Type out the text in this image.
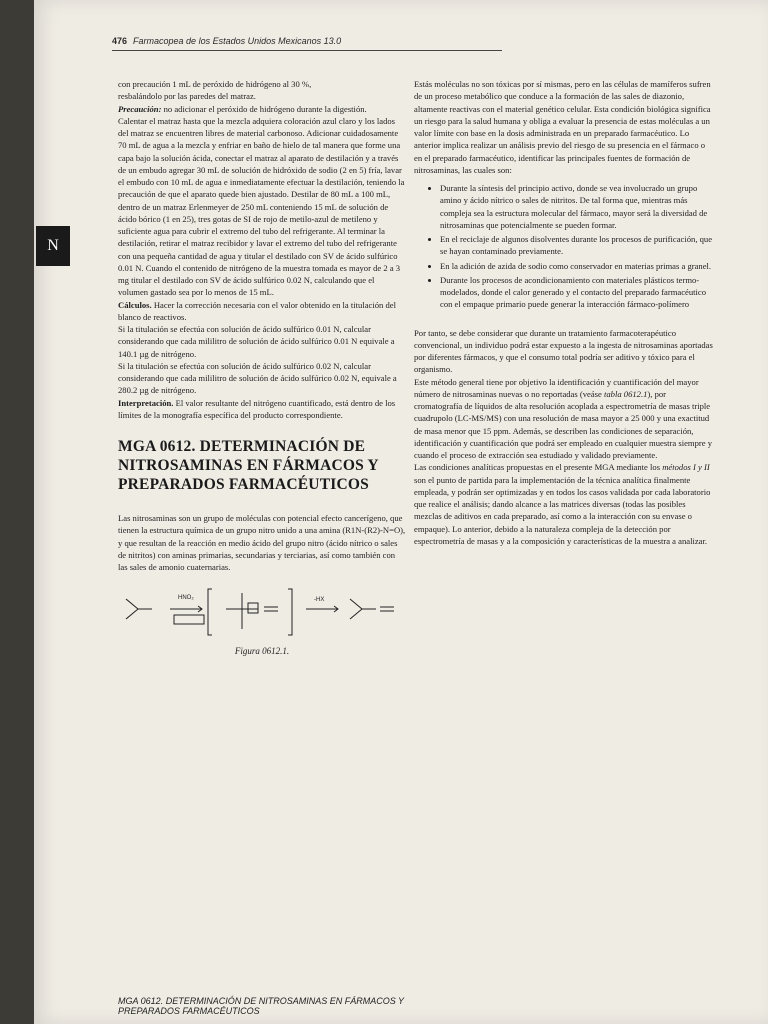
476 Farmacopea de los Estados Unidos Mexicanos 13.0
N

con precaución 1 mL de peróxido de hidrógeno al 30 %,

resbalándolo por las paredes del matraz.

Precaución: no adicionar el peróxido de hidrógeno durante la digestión.

Calentar el matraz hasta que la mezcla adquiera coloración azul claro y los lados del matraz se encuentren libres de material carbonoso. Adicionar cuidadosamente 70 mL de agua a la mezcla y enfriar en baño de hielo de tal manera que forme una capa bajo la solución ácida, conectar el matraz al aparato de destilación y a través de un embudo agregar 30 mL de solución de hidróxido de sodio (2 en 5) fría, lavar el embudo con 10 mL de agua e inmediatamente efectuar la destilación, teniendo la precaución de que el aparato quede bien ajustado. Destilar de 80 mL a 100 mL, dentro de un matraz Erlenmeyer de 250 mL conteniendo 15 mL de solución de ácido bórico (1 en 25), tres gotas de SI de rojo de metilo-azul de metileno y suficiente agua para cubrir el extremo del tubo del refrigerante. Al terminar la destilación, retirar el matraz recibidor y lavar el extremo del tubo del refrigerante con una pequeña cantidad de agua y titular el destilado con SV de ácido sulfúrico 0.01 N. Cuando el contenido de nitrógeno de la muestra tomada es mayor de 2 a 3 mg titular el destilado con SV de ácido sulfúrico 0.02 N, calculando que el volumen gastado sea por lo menos de 15 mL.

Cálculos. Hacer la corrección necesaria con el valor obtenido en la titulación del blanco de reactivos.

Si la titulación se efectúa con solución de ácido sulfúrico 0.01 N, calcular considerando que cada mililitro de solución de ácido sulfúrico 0.01 N equivale a 140.1 µg de nitrógeno.

Si la titulación se efectúa con solución de ácido sulfúrico 0.02 N, calcular considerando que cada mililitro de solución de ácido sulfúrico 0.02 N, equivale a 280.2 µg de nitrógeno.

Interpretación. El valor resultante del nitrógeno cuantificado, está dentro de los límites de la monografía específica del producto correspondiente.

MGA 0612. DETERMINACIÓN DE NITROSAMINAS EN FÁRMACOS Y PREPARADOS FARMACÉUTICOS

Las nitrosaminas son un grupo de moléculas con potencial efecto cancerígeno, que tienen la estructura química de un grupo nitro unido a una amina (R1N-(R2)-N=O), y que resultan de la reacción en medio ácido del grupo nitro (ácido nítrico o sales de nitritos) con aminas primarias, secundarias y terciarias, así como también con las sales de amonio cuaternarias.

HNO₂	-HX
Figura 0612.1.

Estás moléculas no son tóxicas por sí mismas, pero en las células de mamíferos sufren de un proceso metabólico que conduce a la formación de las sales de diazonio, altamente reactivas con el material genético celular. Esta condición biológica significa un riesgo para la salud humana y obliga a evaluar la presencia de estas moléculas a un valor límite con base en la dosis administrada en un preparado farmacéutico. Lo anterior implica realizar un análisis previo del riesgo de su presencia en el fármaco o en el preparado farmacéutico, identificar las principales fuentes de formación de nitrosaminas, las cuales son:

• Durante la síntesis del principio activo, donde se vea involucrado un grupo amino y ácido nítrico o sales de nitritos. De tal forma que, mientras más compleja sea la estructura molecular del fármaco, mayor será la diversidad de nitrosaminas que potencialmente se pueden formar.
• En el reciclaje de algunos disolventes durante los procesos de purificación, que se hayan contaminado previamente.
• En la adición de azida de sodio como conservador en materias primas a granel.
• Durante los procesos de acondicionamiento con materiales plásticos termo-modelados, donde el calor generado y el contacto del preparado farmacéutico con el empaque primario puede generar la interacción fármaco-polímero

Por tanto, se debe considerar que durante un tratamiento farmacoterapéutico convencional, un individuo podrá estar expuesto a la ingesta de nitrosaminas aportadas por diferentes fármacos, y que el consumo total podría ser aditivo y tóxico para el organismo.

Este método general tiene por objetivo la identificación y cuantificación del mayor número de nitrosaminas nuevas o no reportadas (veáse tabla 0612.1), por cromatografía de líquidos de alta resolución acoplada a espectrometría de masas triple cuadrupolo (LC-MS/MS) con una resolución de masa mayor a 25 000 y una exactitud de masa menor que 15 ppm. Además, se describen las condiciones de separación, identificación y cuantificación que podrá ser empleado en cualquier muestra siempre y cuando el proceso de extracción sea estudiado y validado previamente.

Las condiciones analíticas propuestas en el presente MGA mediante los métodos I y II son el punto de partida para la implementación de la técnica analítica finalmente empleada, y podrán ser optimizadas y en todos los casos validada por cada laboratorio que realice el análisis; dando alcance a las matrices diversas (todas las posibles mezclas de aditivos en cada preparado, así como a la interacción con su envase o empaque). Lo anterior, debido a la naturaleza compleja de la detección por espectrometría de masas y a la composición y características de la muestra a analizar.

MGA 0612. DETERMINACIÓN DE NITROSAMINAS EN FÁRMACOS Y
PREPARADOS FARMACÉUTICOS
